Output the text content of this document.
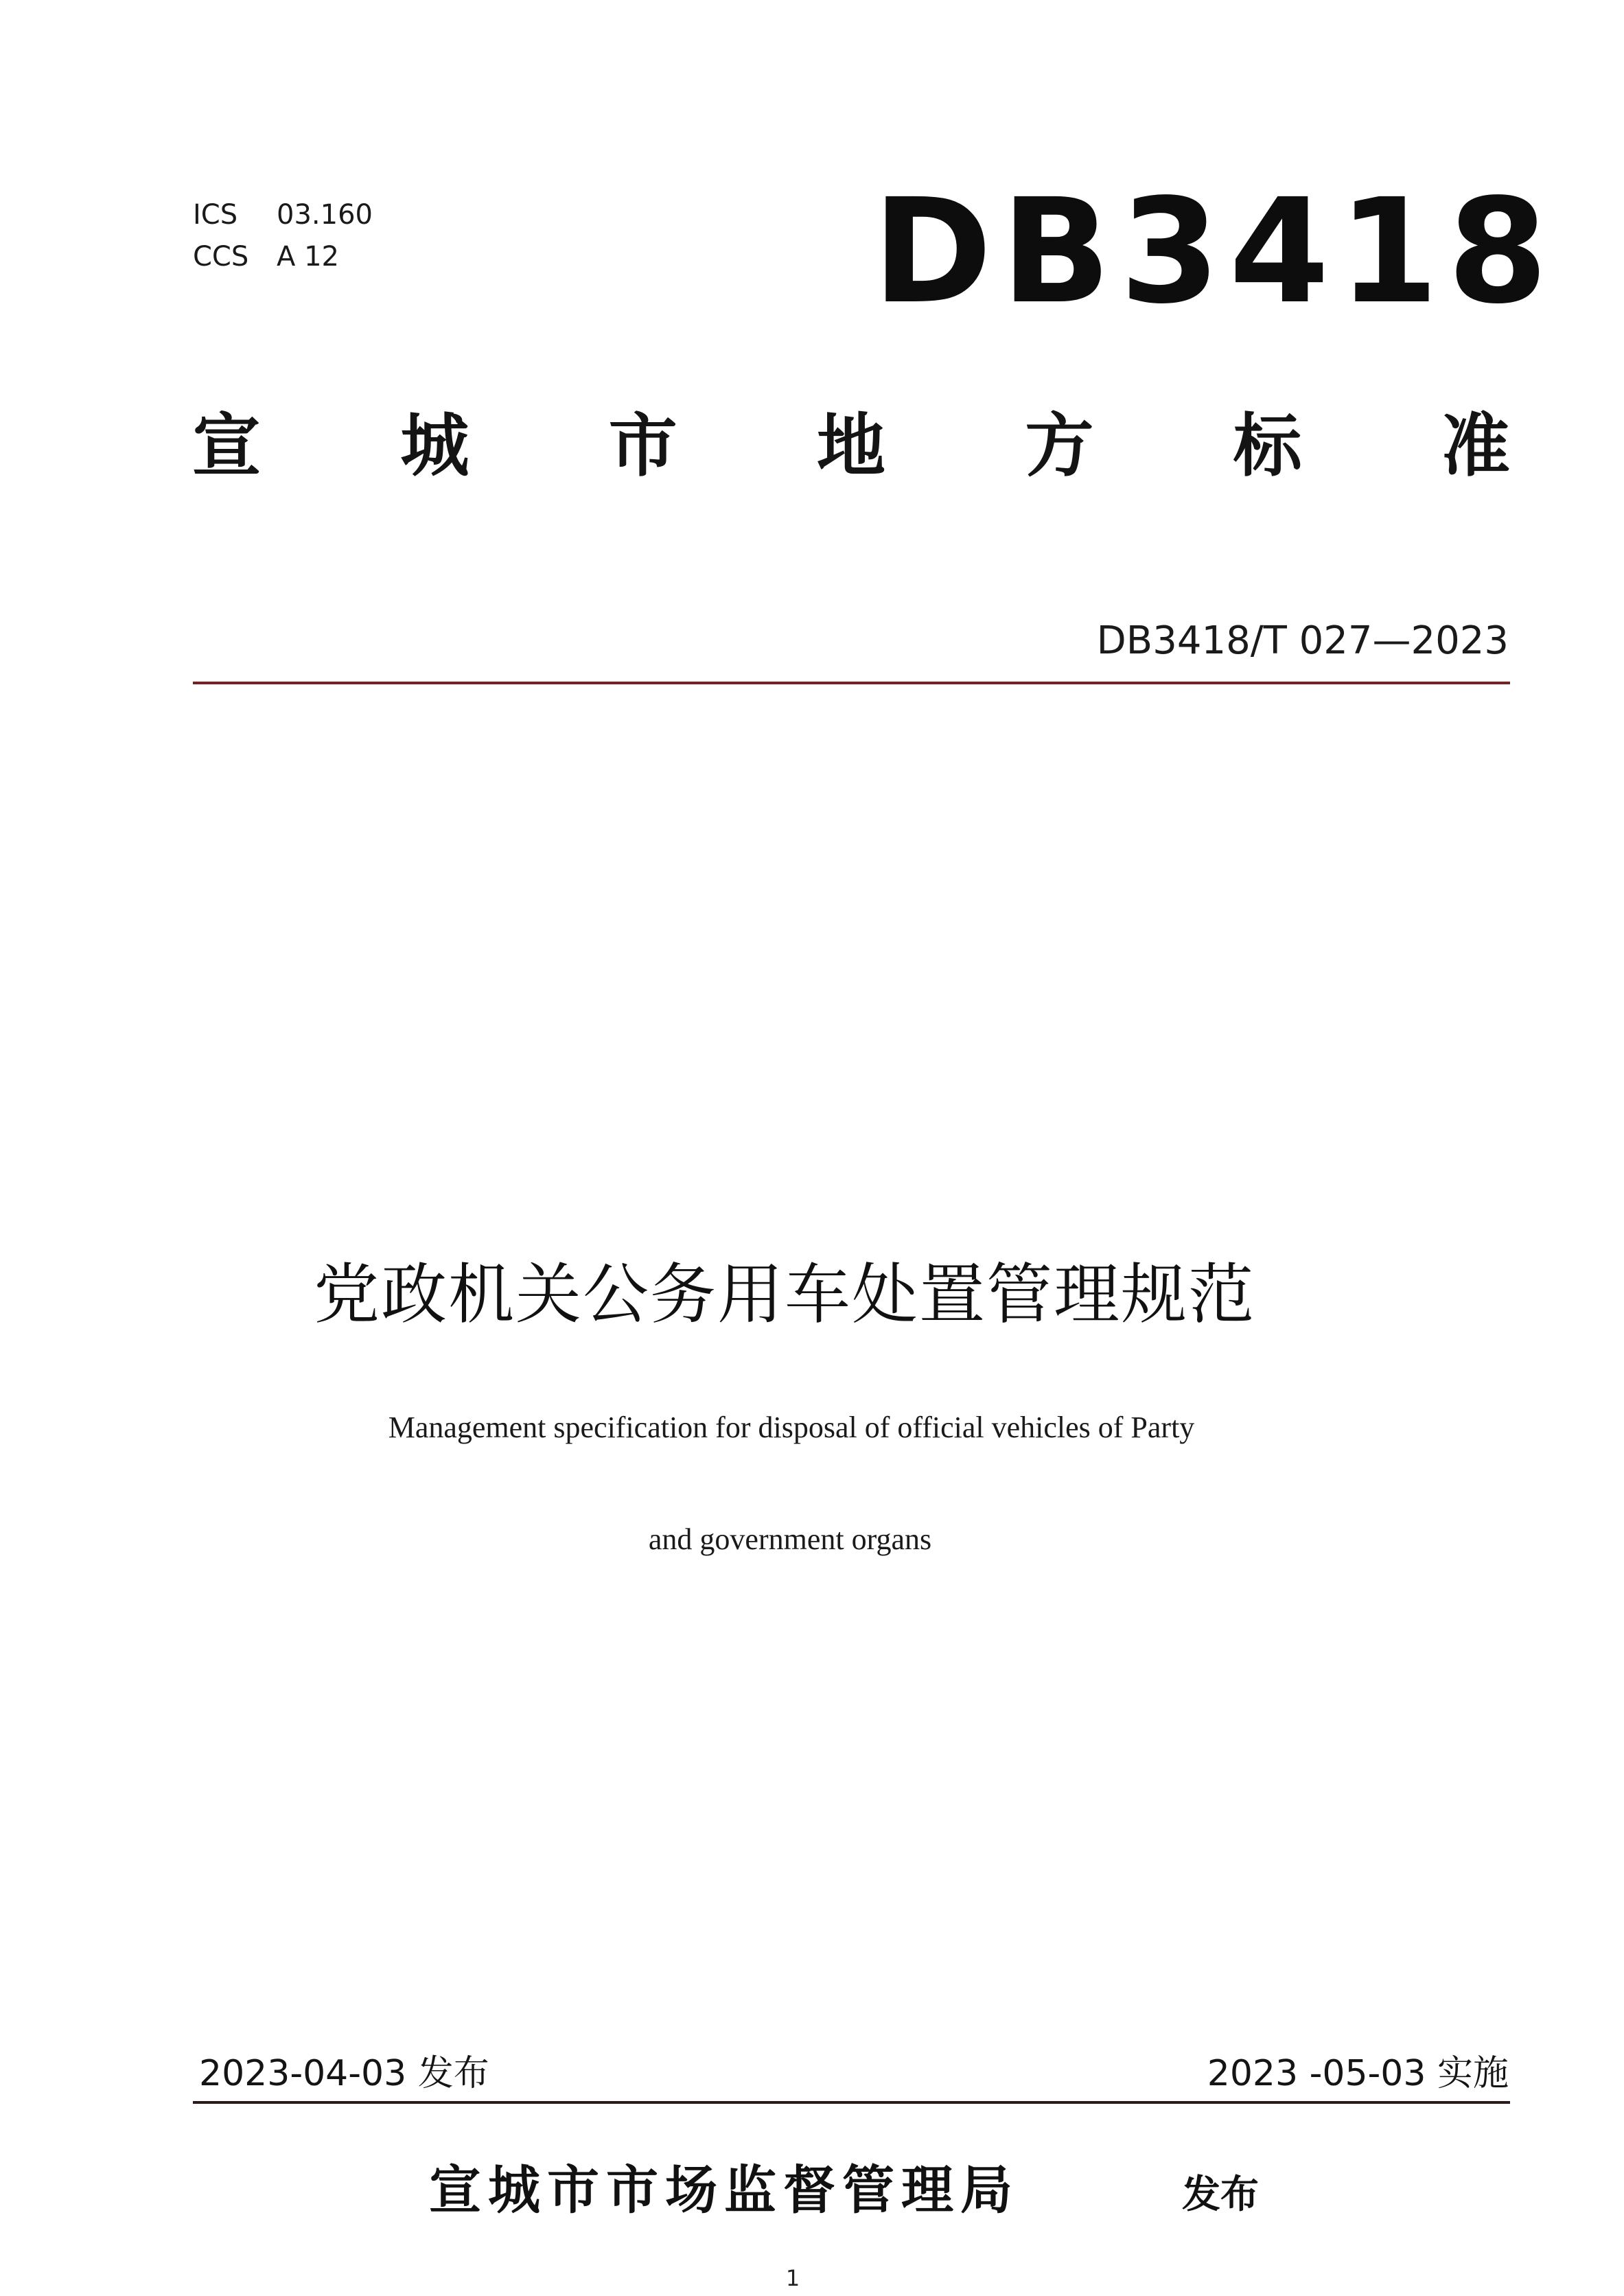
ICS 03.160
CCS A 12	DB3418
宣 城 市 地 方 标 准
DB3418/T 027—2023
党政机关公务用车处置管理规范
Management specification for disposal of official vehicles of Party
and government organs
2023-04-03 发布	2023 -05-03 实施
宣城市市场监督管理局	发布
1
